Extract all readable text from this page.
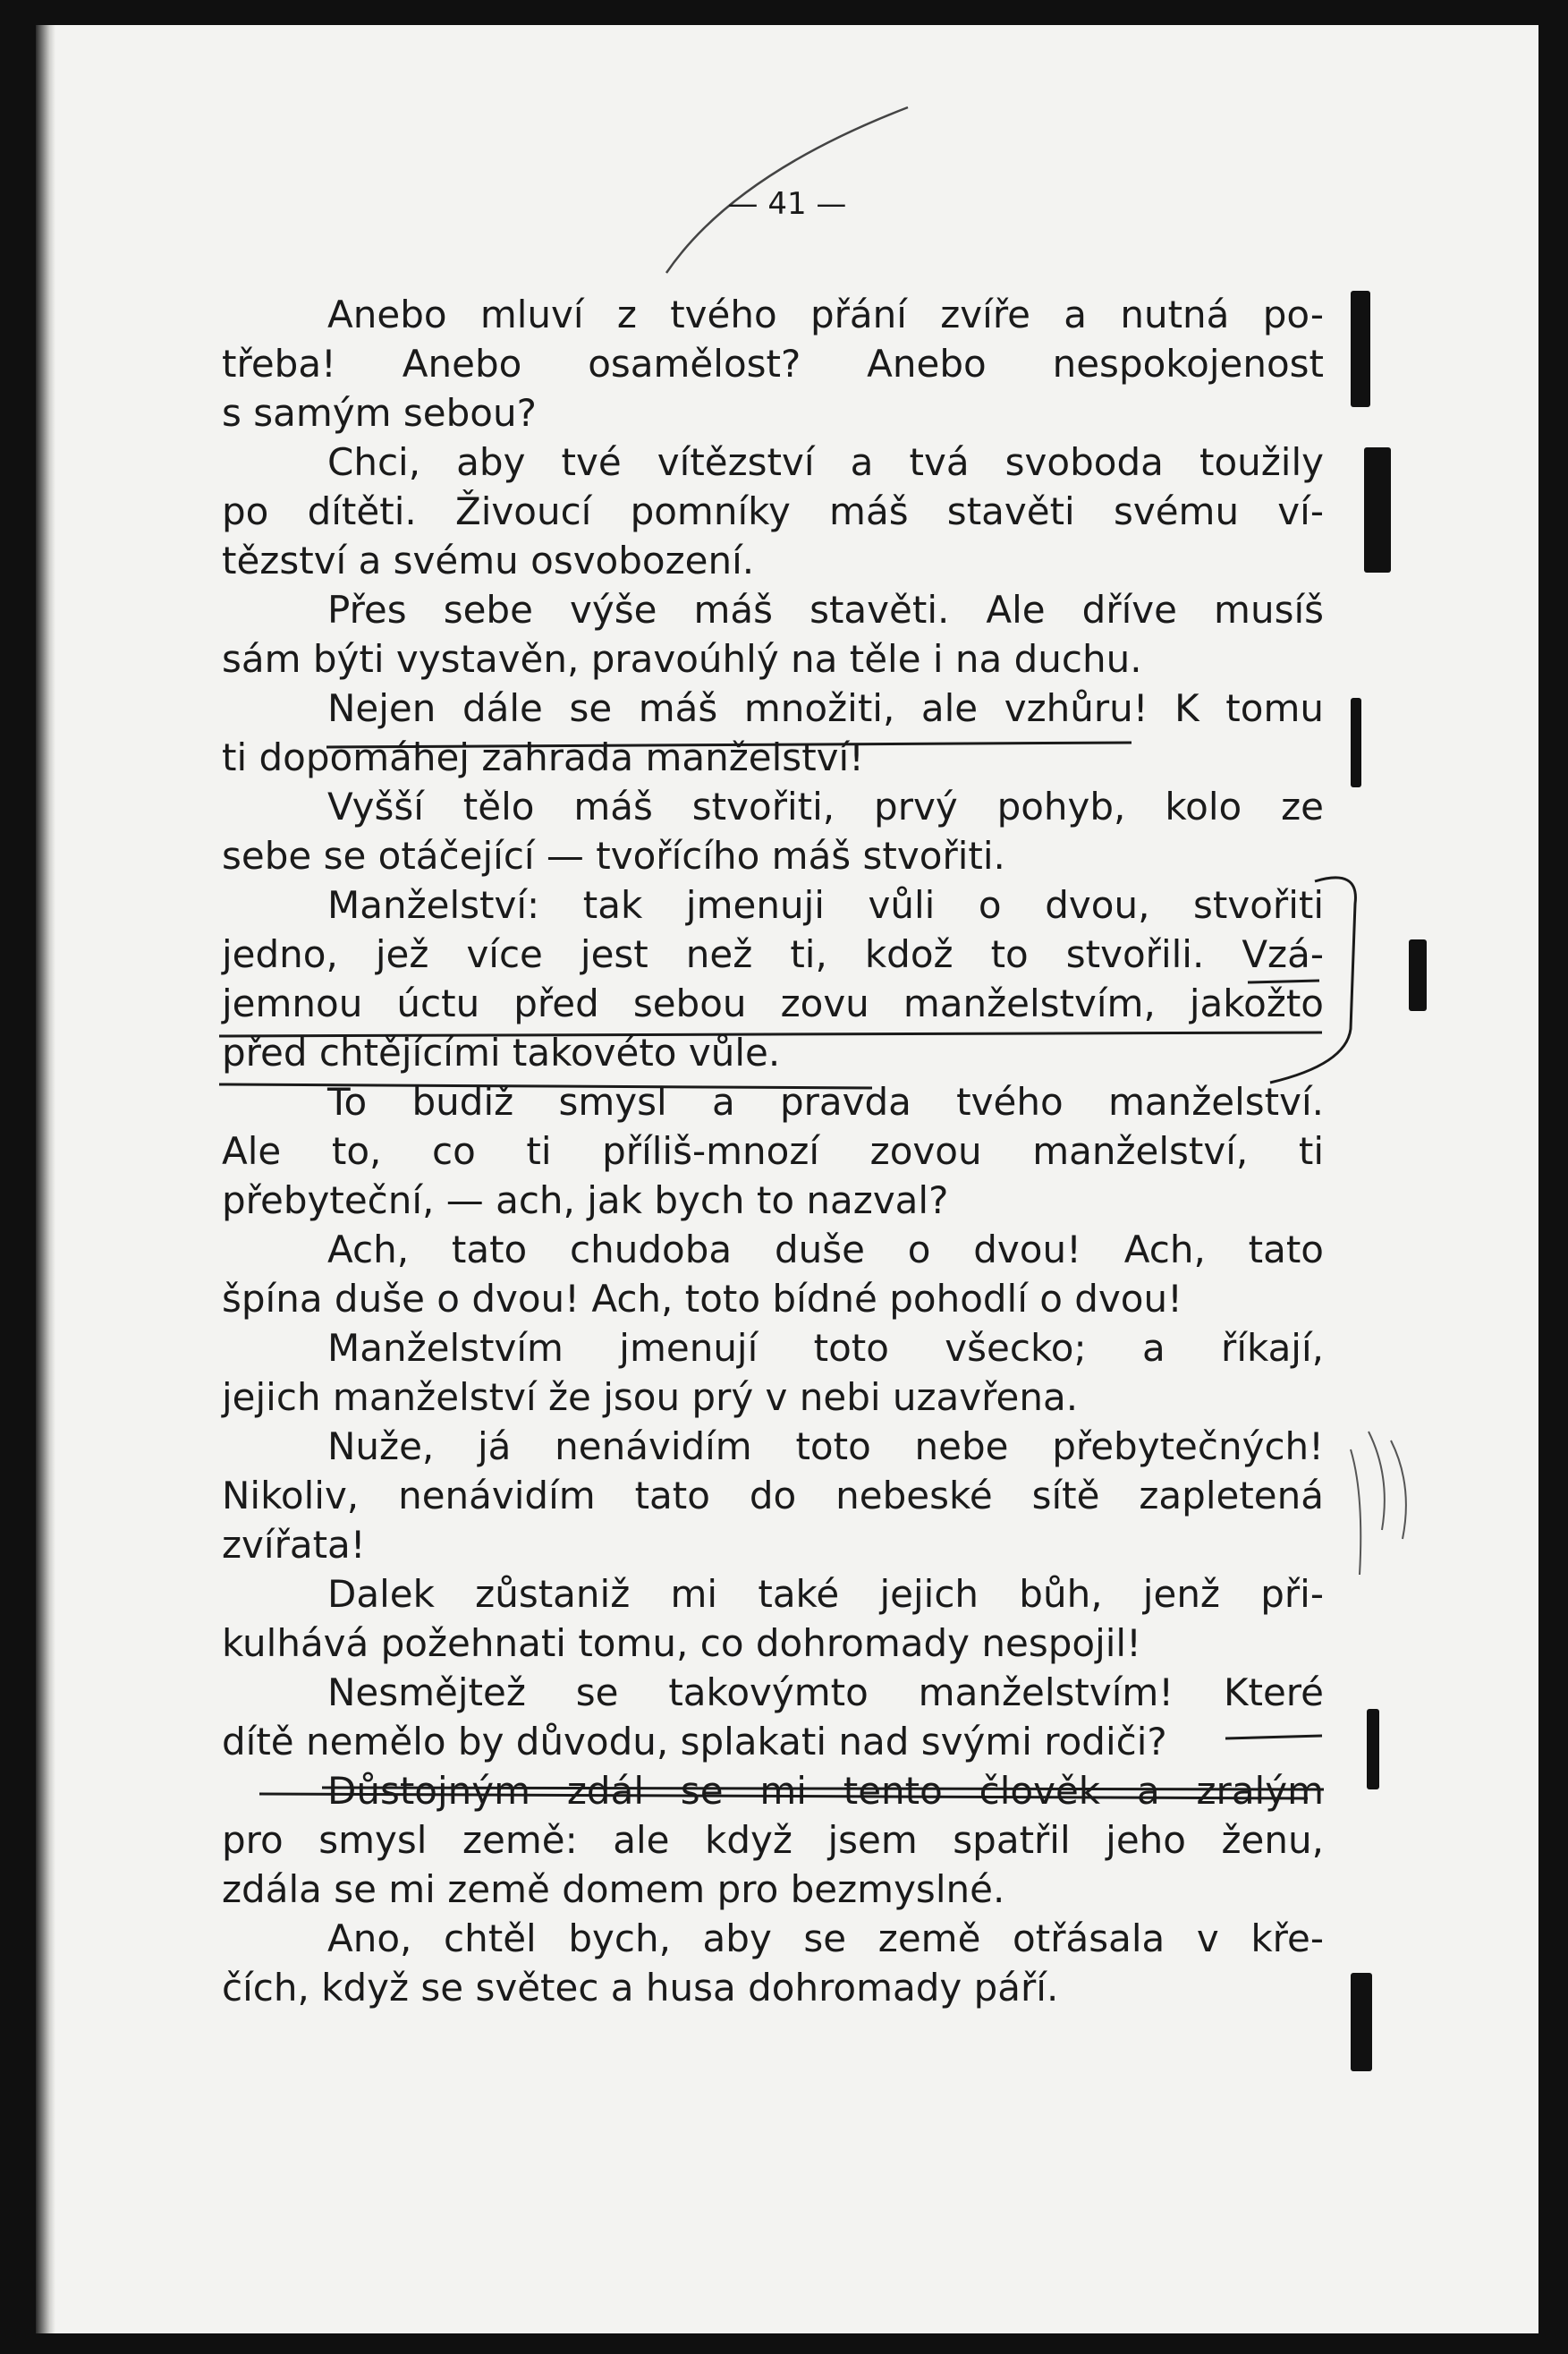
— 41 —
Anebo mluví z tvého přání zvíře a nutná po-
třeba! Anebo osamělost? Anebo nespokojenost
s samým sebou?
Chci, aby tvé vítězství a tvá svoboda toužily
po dítěti. Živoucí pomníky máš stavěti svému ví-
tězství a svému osvobození.
Přes sebe výše máš stavěti. Ale dříve musíš
sám býti vystavěn, pravoúhlý na těle i na duchu.
Nejen dále se máš množiti, ale vzhůru! K tomu
ti dopomáhej zahrada manželství!
Vyšší tělo máš stvořiti, prvý pohyb, kolo ze
sebe se otáčející — tvořícího máš stvořiti.
Manželství: tak jmenuji vůli o dvou, stvořiti
jedno, jež více jest než ti, kdož to stvořili. Vzá-
jemnou úctu před sebou zovu manželstvím, jakožto
před chtějícími takovéto vůle.
To budiž smysl a pravda tvého manželství.
Ale to, co ti příliš-mnozí zovou manželství, ti
přebyteční, — ach, jak bych to nazval?
Ach, tato chudoba duše o dvou! Ach, tato
špína duše o dvou! Ach, toto bídné pohodlí o dvou!
Manželstvím jmenují toto všecko; a říkají,
jejich manželství že jsou prý v nebi uzavřena.
Nuže, já nenávidím toto nebe přebytečných!
Nikoliv, nenávidím tato do nebeské sítě zapletená
zvířata!
Dalek zůstaniž mi také jejich bůh, jenž při-
kulhává požehnati tomu, co dohromady nespojil!
Nesmějtež se takovýmto manželstvím! Které
dítě nemělo by důvodu, splakati nad svými rodiči?
Důstojným zdál se mi tento člověk a zralým
pro smysl země: ale když jsem spatřil jeho ženu,
zdála se mi země domem pro bezmyslné.
Ano, chtěl bych, aby se země otřásala v kře-
čích, když se světec a husa dohromady páří.
